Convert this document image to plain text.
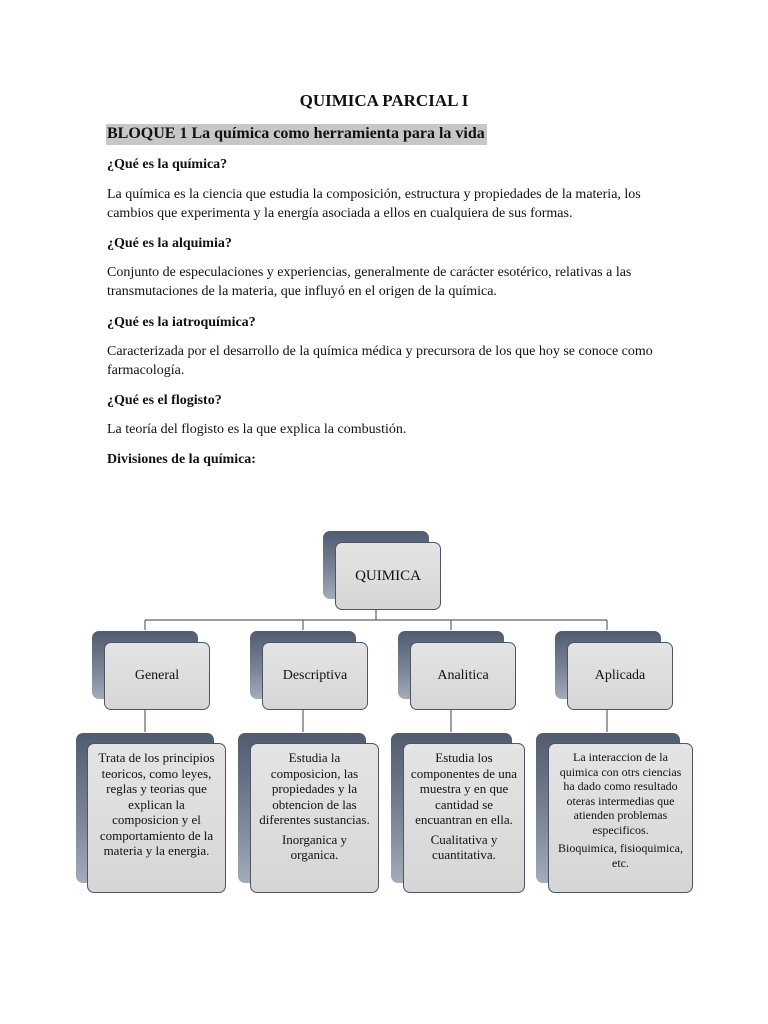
QUIMICA PARCIAL I
BLOQUE 1 La química como herramienta para la vida
¿Qué es la química?
La química es la ciencia que estudia la composición, estructura y propiedades de la materia, los cambios que experimenta y la energía asociada a ellos en cualquiera de sus formas.
¿Qué es la alquimia?
Conjunto de especulaciones y experiencias, generalmente de carácter esotérico, relativas a las transmutaciones de la materia, que influyó en el origen de la química.
¿Qué es la iatroquímica?
Caracterizada por el desarrollo de la química médica y precursora de los que hoy se conoce como farmacología.
¿Qué es el flogisto?
La teoría del flogisto es la que explica la combustión.
Divisiones de la química:
QUIMICA
General
Trata de los principios teoricos, como leyes, reglas y teorias que explican la composicion y el comportamiento de la materia y la energia.
Descriptiva
Estudia la composicion, las propiedades y la obtencion de las diferentes sustancias.
Inorganica y organica.
Analitica
Estudia los componentes de una muestra y en que cantidad se encuantran en ella.
Cualitativa y cuantitativa.
Aplicada
La interaccion de la quimica con otrs ciencias ha dado como resultado oteras intermedias que atienden problemas especificos.
Bioquimica, fisioquimica, etc.
